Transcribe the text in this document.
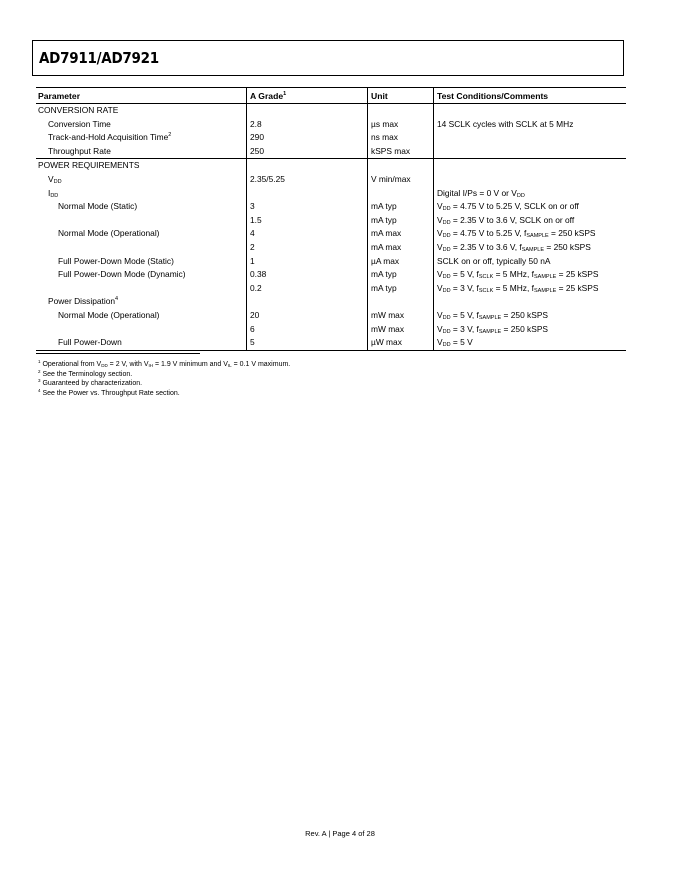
AD7911/AD7921
Parameter	A Grade$^1$	Unit	Test Conditions/Comments
CONVERSION RATE			
Conversion Time	2.8	µs max	14 SCLK cycles with SCLK at 5 MHz
Track-and-Hold Acquisition Time$^2$	290	ns max	
Throughput Rate	250	kSPS max	
POWER REQUIREMENTS			
$V_{DD}$	2.35/5.25	V min/max	
$I_{DD}$			Digital I/Ps = 0 V or $V_{DD}$
Normal Mode (Static)	3	mA typ	$V_{DD} = 4.75$ V to 5.25 V, SCLK on or off
	1.5	mA typ	$V_{DD} = 2.35$ V to 3.6 V, SCLK on or off
Normal Mode (Operational)	4	mA max	$V_{DD} = 4.75$ V to 5.25 V, $f_{SAMPLE} = 250$ kSPS
	2	mA max	$V_{DD} = 2.35$ V to 3.6 V, $f_{SAMPLE} = 250$ kSPS
Full Power-Down Mode (Static)	1	µA max	SCLK on or off, typically 50 nA
Full Power-Down Mode (Dynamic)	0.38	mA typ	$V_{DD} = 5$ V, $f_{SCLK} = 5$ MHz, $f_{SAMPLE} = 25$ kSPS
	0.2	mA typ	$V_{DD} = 3$ V, $f_{SCLK} = 5$ MHz, $f_{SAMPLE} = 25$ kSPS
Power Dissipation$^4$			
Normal Mode (Operational)	20	mW max	$V_{DD} = 5$ V, $f_{SAMPLE} = 250$ kSPS
	6	mW max	$V_{DD} = 3$ V, $f_{SAMPLE} = 250$ kSPS
Full Power-Down	5	µW max	$V_{DD} = 5$ V
$^1$ Operational from $V_{DD} = 2$ V, with $V_{IH} = 1.9$ V minimum and $V_{IL} = 0.1$ V maximum.
$^2$ See the Terminology section.
$^3$ Guaranteed by characterization.
$^4$ See the Power vs. Throughput Rate section.
Rev. A | Page 4 of 28
